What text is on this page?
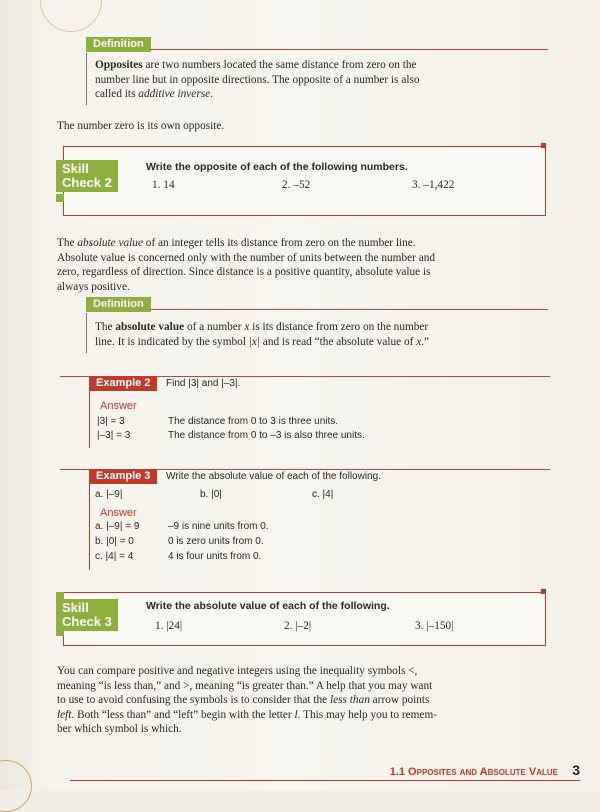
Definition
Opposites are two numbers located the same distance from zero on the
number line but in opposite directions. The opposite of a number is also
called its additive inverse.
The number zero is its own opposite.
Skill
Check 2
Write the opposite of each of the following numbers.
1. 14	2. –52	3. –1,422
The absolute value of an integer tells its distance from zero on the number line.
Absolute value is concerned only with the number of units between the number and
zero, regardless of direction. Since distance is a positive quantity, absolute value is
always positive.
Definition
The absolute value of a number x is its distance from zero on the number
line. It is indicated by the symbol |x| and is read “the absolute value of x.”
Example 2	Find |3| and |–3|.
Answer
|3| = 3	The distance from 0 to 3 is three units.
|–3| = 3	The distance from 0 to –3 is also three units.
Example 3	Write the absolute value of each of the following.
a. |–9|	b. |0|	c. |4|
Answer
a. |–9| = 9	–9 is nine units from 0.
b. |0| = 0	0 is zero units from 0.
c. |4| = 4	4 is four units from 0.
Skill
Check 3
Write the absolute value of each of the following.
1. |24|	2. |–2|	3. |–150|
You can compare positive and negative integers using the inequality symbols <,
meaning “is less than,” and >, meaning “is greater than.” A help that you may want
to use to avoid confusing the symbols is to consider that the less than arrow points
left. Both “less than” and “left” begin with the letter l. This may help you to remem-
ber which symbol is which.
1.1 Opposites and Absolute Value 3
